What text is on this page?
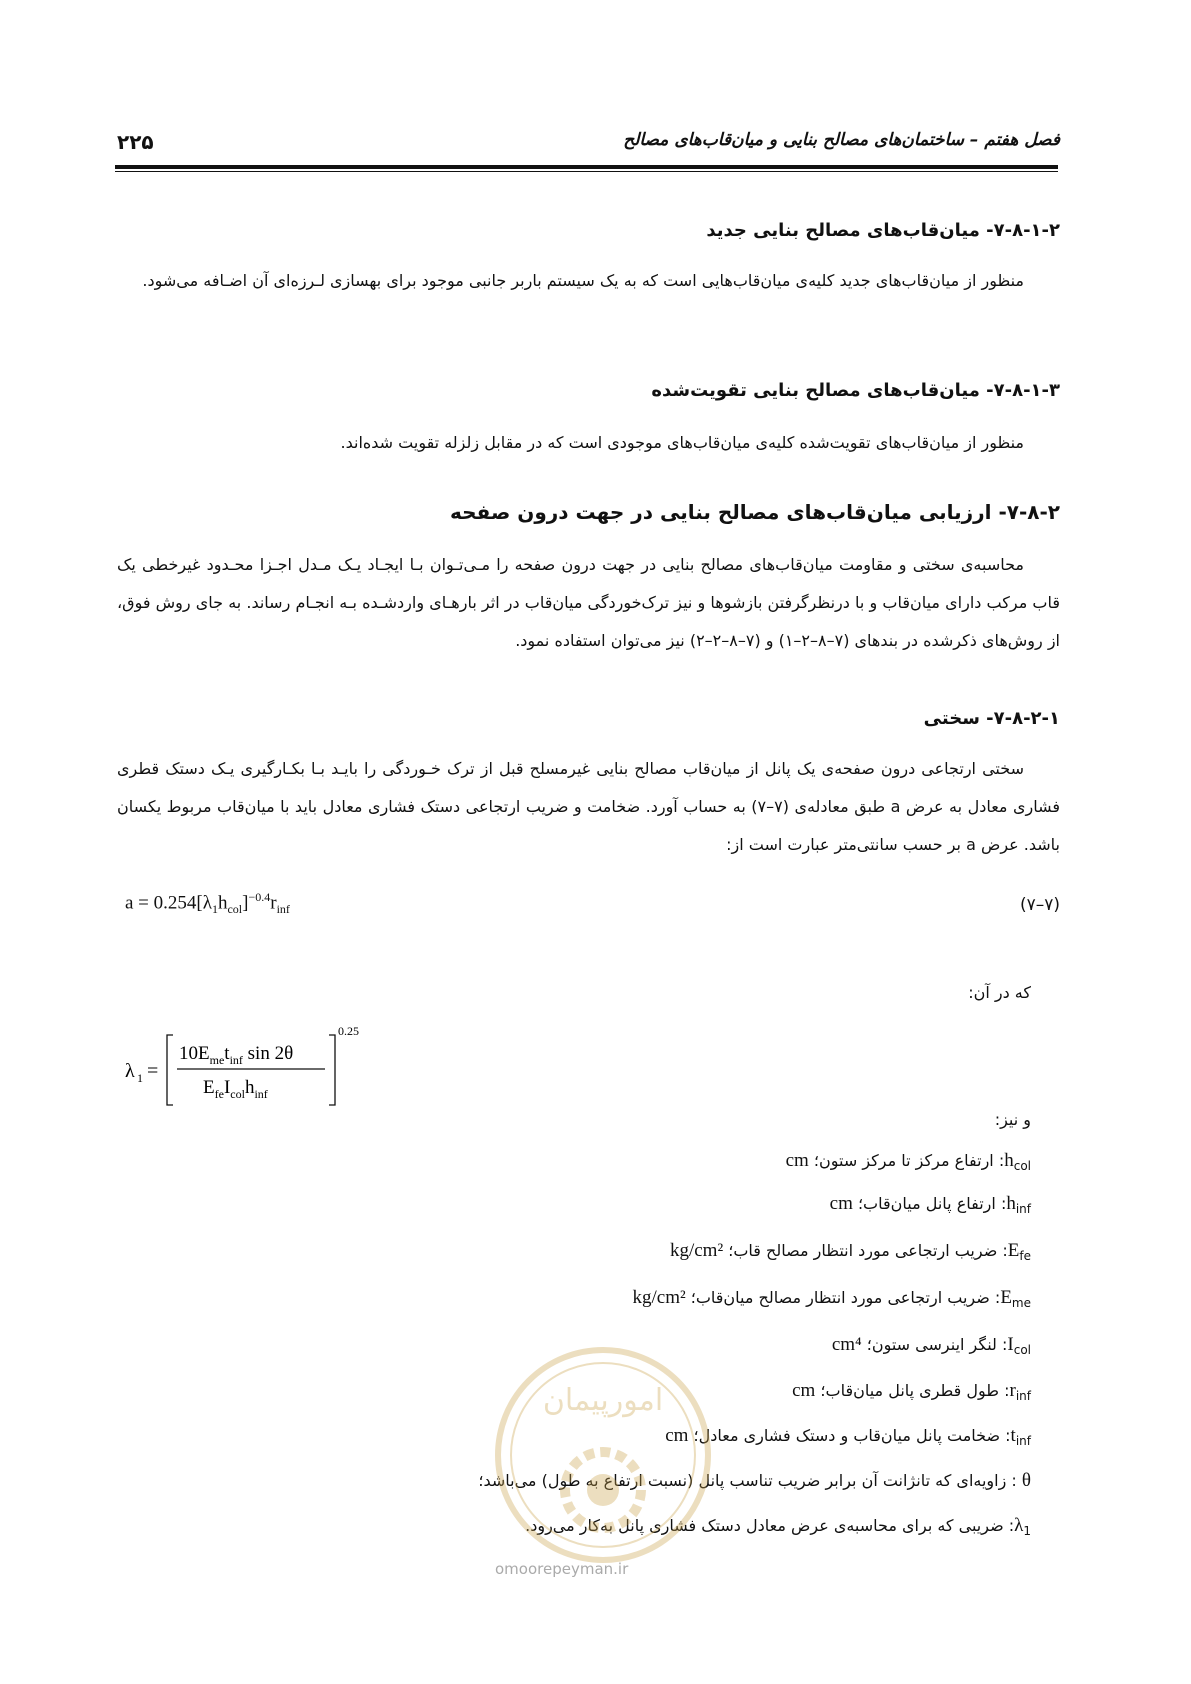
فصل هفتم – ساختمان‌های مصالح بنایی و میان‌قاب‌های مصالح
۲۲۵
۷-۸-۱-۲- میان‌قاب‌های مصالح بنایی جدید
منظور از میان‌قاب‌های جدید کلیه‌ی میان‌قاب‌هایی است که به یک سیستم باربر جانبی موجود برای بهسازی لـرزه‌ای آن اضـافه می‌شود.
۷-۸-۱-۳- میان‌قاب‌های مصالح بنایی تقویت‌شده
منظور از میان‌قاب‌های تقویت‌شده کلیه‌ی میان‌قاب‌های موجودی است که در مقابل زلزله تقویت شده‌اند.
۷-۸-۲- ارزیابی میان‌قاب‌های مصالح بنایی در جهت درون صفحه
محاسبه‌ی سختی و مقاومت میان‌قاب‌های مصالح بنایی در جهت درون صفحه را مـی‌تـوان بـا ایجـاد یـک مـدل اجـزا محـدود غیرخطی یک قاب مرکب دارای میان‌قاب و با درنظرگرفتن بازشوها و نیز ترک‌خوردگی میان‌قاب در اثر بارهـای واردشـده بـه انجـام رساند. به جای روش فوق، از روش‌های ذکرشده در بندهای (۷–۸–۲–۱) و (۷–۸–۲–۲) نیز می‌توان استفاده نمود.
۷-۸-۲-۱- سختی
سختی ارتجاعی درون صفحه‌ی یک پانل از میان‌قاب مصالح بنایی غیرمسلح قبل از ترک خـوردگی را بایـد بـا بکـارگیری یـک دستک قطری فشاری معادل به عرض a طبق معادله‌ی (۷–۷) به حساب آورد. ضخامت و ضریب ارتجاعی دستک فشاری معادل باید با میان‌قاب مربوط یکسان باشد. عرض a بر حسب سانتی‌متر عبارت است از:
$a = 0.254[\lambda_1h_{col}]^{-0.4}r_{inf}$	(۷–۷)
که در آن:
λ 1 =
$10E_{me}t_{inf}$ sin 2θ
$E_{fe}I_{col}h_{inf}$
0.25
و نیز:
$h_{col}$: ارتفاع مرکز تا مرکز ستون؛ cm
$h_{inf}$: ارتفاع پانل میان‌قاب؛ cm
$E_{fe}$: ضریب ارتجاعی مورد انتظار مصالح قاب؛ kg/cm²
$E_{me}$: ضریب ارتجاعی مورد انتظار مصالح میان‌قاب؛ kg/cm²
$I_{col}$: لنگر اینرسی ستون؛ cm⁴
$r_{inf}$: طول قطری پانل میان‌قاب؛ cm
$t_{inf}$: ضخامت پانل میان‌قاب و دستک فشاری معادل؛ cm
θ : زاویه‌ای که تانژانت آن برابر ضریب تناسب پانل (نسبت ارتفاع به طول) می‌باشد؛
$\lambda_1$: ضریبی که برای محاسبه‌ی عرض معادل دستک فشاری پانل به‌کار می‌رود.
امورپیمان
omoorepeyman.ir
